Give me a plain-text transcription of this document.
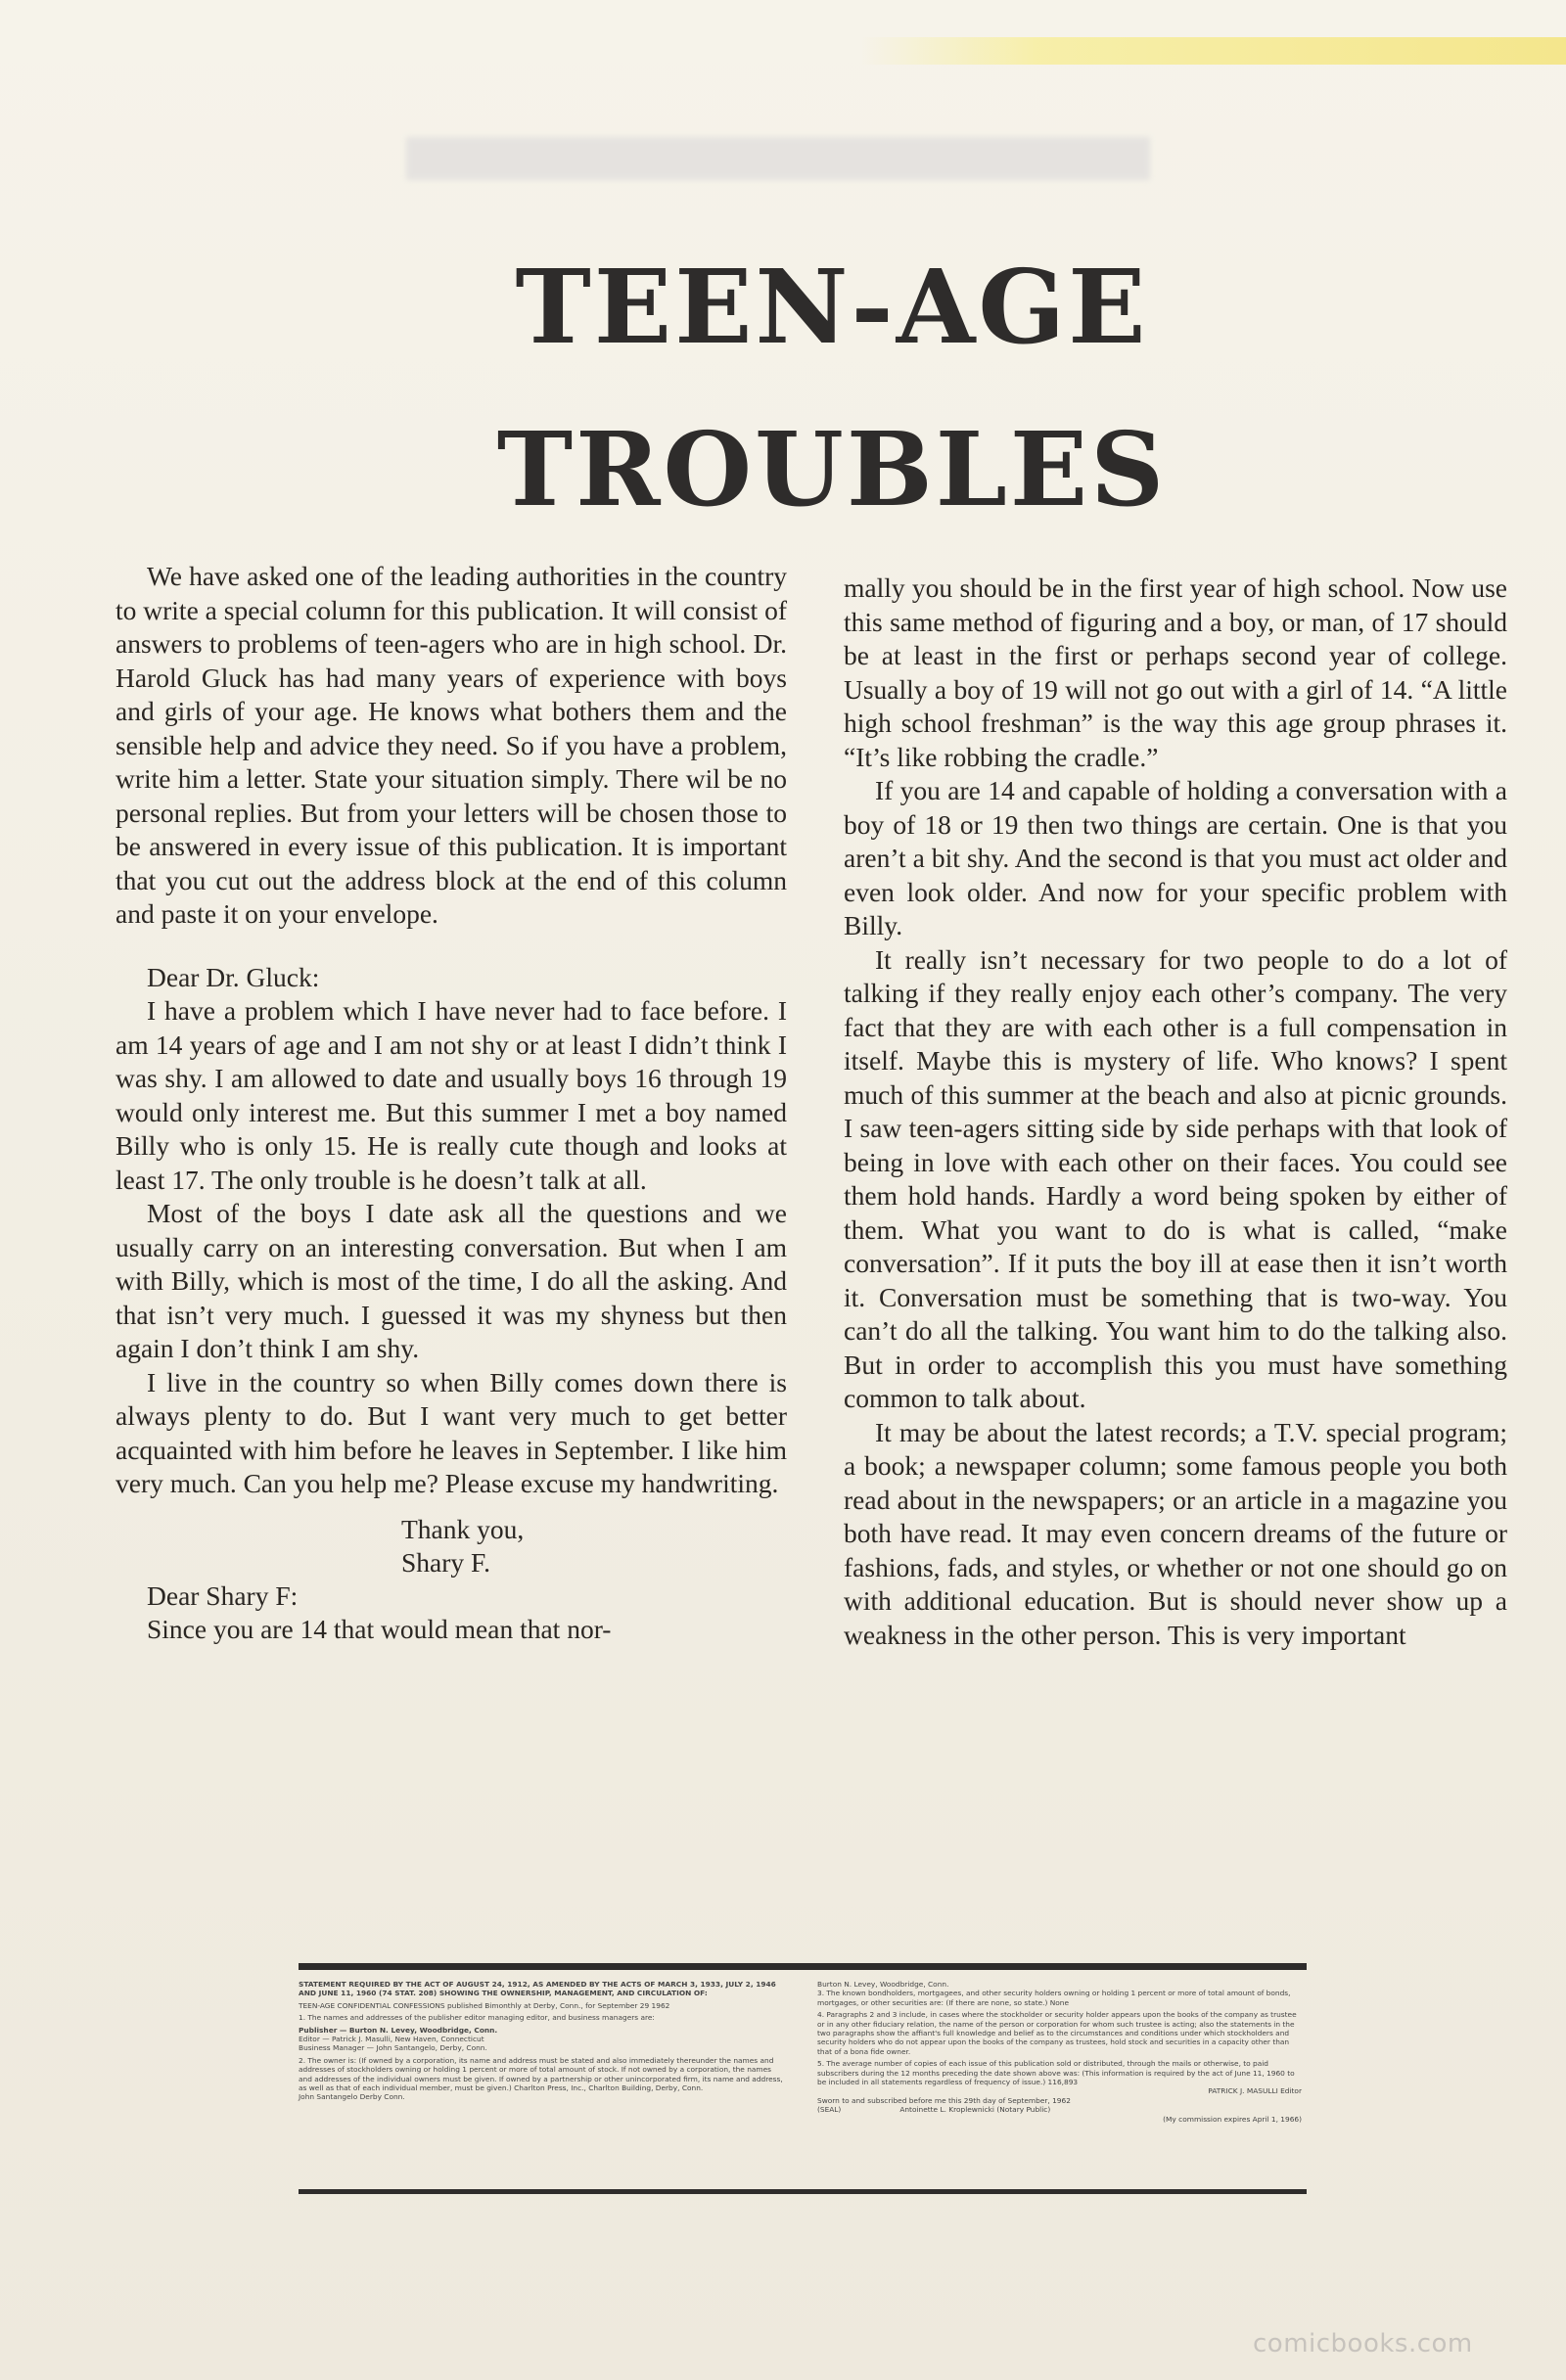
TEEN-AGE
TROUBLES

We have asked one of the leading authorities in the country to write a special column for this publication. It will consist of answers to problems of teen-agers who are in high school. Dr. Harold Gluck has had many years of experience with boys and girls of your age. He knows what bothers them and the sensible help and advice they need. So if you have a problem, write him a letter. State your situation simply. There wil be no personal replies. But from your letters will be chosen those to be answered in every issue of this publication. It is important that you cut out the address block at the end of this column and paste it on your envelope.

Dear Dr. Gluck:

I have a problem which I have never had to face before. I am 14 years of age and I am not shy or at least I didn’t think I was shy. I am allowed to date and usually boys 16 through 19 would only interest me. But this summer I met a boy named Billy who is only 15. He is really cute though and looks at least 17. The only trouble is he doesn’t talk at all.

Most of the boys I date ask all the questions and we usually carry on an interesting conversation. But when I am with Billy, which is most of the time, I do all the asking. And that isn’t very much. I guessed it was my shyness but then again I don’t think I am shy.

I live in the country so when Billy comes down there is always plenty to do. But I want very much to get better acquainted with him before he leaves in September. I like him very much. Can you help me? Please excuse my handwriting.

Thank you,

Shary F.

Dear Shary F:

Since you are 14 that would mean that nor-

mally you should be in the first year of high school. Now use this same method of figuring and a boy, or man, of 17 should be at least in the first or perhaps second year of college. Usually a boy of 19 will not go out with a girl of 14. “A little high school freshman” is the way this age group phrases it. “It’s like robbing the cradle.”

If you are 14 and capable of holding a conversation with a boy of 18 or 19 then two things are certain. One is that you aren’t a bit shy. And the second is that you must act older and even look older. And now for your specific problem with Billy.

It really isn’t necessary for two people to do a lot of talking if they really enjoy each other’s company. The very fact that they are with each other is a full compensation in itself. Maybe this is mystery of life. Who knows? I spent much of this summer at the beach and also at picnic grounds. I saw teen-agers sitting side by side perhaps with that look of being in love with each other on their faces. You could see them hold hands. Hardly a word being spoken by either of them. What you want to do is what is called, “make conversation”. If it puts the boy ill at ease then it isn’t worth it. Conversation must be something that is two-way. You can’t do all the talking. You want him to do the talking also. But in order to accomplish this you must have something common to talk about.

It may be about the latest records; a T.V. special program; a book; a newspaper column; some famous people you both read about in the newspapers; or an article in a magazine you both have read. It may even concern dreams of the future or fashions, fads, and styles, or whether or not one should go on with additional education. But is should never show up a weakness in the other person. This is very important

STATEMENT REQUIRED BY THE ACT OF AUGUST 24, 1912, AS AMENDED BY THE ACTS OF MARCH 3, 1933, JULY 2, 1946 AND JUNE 11, 1960 (74 STAT. 208) SHOWING THE OWNERSHIP, MANAGEMENT, AND CIRCULATION OF:

TEEN-AGE CONFIDENTIAL CONFESSIONS published Bimonthly at Derby, Conn., for September 29 1962

1. The names and addresses of the publisher editor managing editor, and business managers are:

Publisher — Burton N. Levey, Woodbridge, Conn.

Editor — Patrick J. Masulli, New Haven, Connecticut

Business Manager — John Santangelo, Derby, Conn.

2. The owner is: (If owned by a corporation, its name and address must be stated and also immediately thereunder the names and addresses of stockholders owning or holding 1 percent or more of total amount of stock. If not owned by a corporation, the names and addresses of the individual owners must be given. If owned by a partnership or other unincorporated firm, its name and address, as well as that of each individual member, must be given.) Charlton Press, Inc., Charlton Building, Derby, Conn.

John Santangelo Derby Conn.

Burton N. Levey, Woodbridge, Conn.

3. The known bondholders, mortgagees, and other security holders owning or holding 1 percent or more of total amount of bonds, mortgages, or other securities are: (If there are none, so state.) None

4. Paragraphs 2 and 3 include, in cases where the stockholder or security holder appears upon the books of the company as trustee or in any other fiduciary relation, the name of the person or corporation for whom such trustee is acting; also the statements in the two paragraphs show the affiant's full knowledge and belief as to the circumstances and conditions under which stockholders and security holders who do not appear upon the books of the company as trustees, hold stock and securities in a capacity other than that of a bona fide owner.

5. The average number of copies of each issue of this publication sold or distributed, through the mails or otherwise, to paid subscribers during the 12 months preceding the date shown above was: (This information is required by the act of June 11, 1960 to be included in all statements regardless of frequency of issue.) 116,893

PATRICK J. MASULLI Editor

Sworn to and subscribed before me this 29th day of September, 1962

(SEAL)	Antoinette L. Kroplewnicki (Notary Public)

(My commission expires April 1, 1966)

comicbooks.com
